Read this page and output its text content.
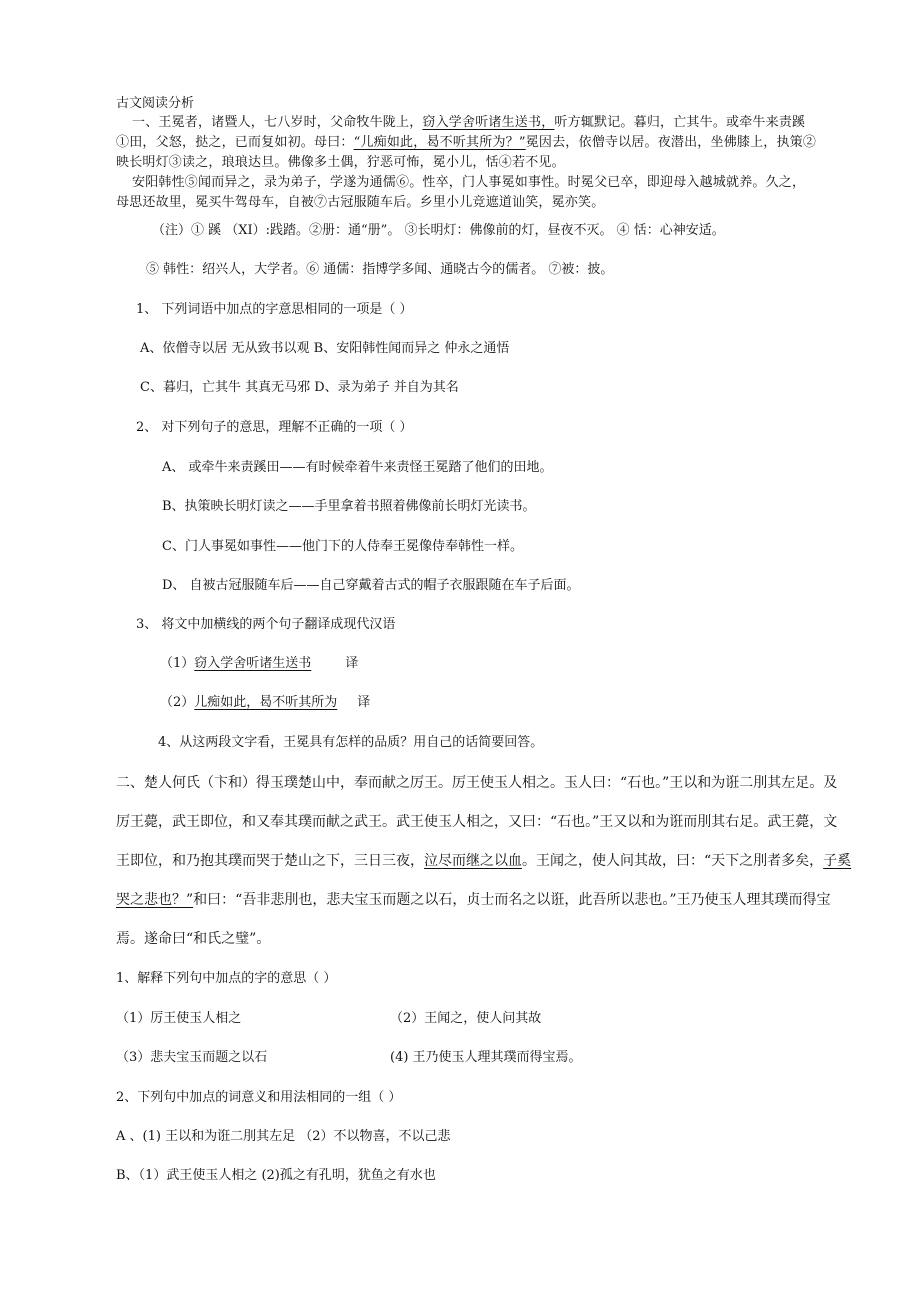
古文阅读分析
一、王冕者，诸暨人，七八岁时，父命牧牛陇上，窃入学舍听诸生送书，听方辄默记。暮归，亡其牛。或牵牛来责蹊
①田，父怒，挞之，已而复如初。母曰：“儿痴如此，曷不听其所为？”冕因去，依僧寺以居。夜潜出，坐佛膝上，执策②
映长明灯③读之，琅琅达旦。佛像多土偶，狞恶可怖，冕小儿，恬④若不见。
安阳韩性⑤闻而异之，录为弟子，学遂为通儒⑥。性卒，门人事冕如事性。时冕父已卒，即迎母入越城就养。久之，
母思还故里，冕买牛驾母车，自被⑦古冠服随车后。乡里小儿竞遮道讪笑，冕亦笑。
（注）① 蹊 （XI）:践踏。②册：通“册”。 ③长明灯：佛像前的灯，昼夜不灭。 ④ 恬：心神安适。
⑤ 韩性：绍兴人，大学者。⑥ 通儒：指博学多闻、通晓古今的儒者。 ⑦被：披。
1、 下列词语中加点的字意思相同的一项是（ ）
A、依僧寺以居 无从致书以观 B、安阳韩性闻而异之 仲永之通悟
C、暮归，亡其牛 其真无马邪 D、录为弟子 并自为其名
2、 对下列句子的意思，理解不正确的一项（ ）
A、 或牵牛来责蹊田——有时候牵着牛来责怪王冕踏了他们的田地。
B、执策映长明灯读之——手里拿着书照着佛像前长明灯光读书。
C、门人事冕如事性——他门下的人侍奉王冕像侍奉韩性一样。
D、 自被古冠服随车后——自己穿戴着古式的帽子衣服跟随在车子后面。
3、 将文中加横线的两个句子翻译成现代汉语
（1）窃入学舍听诸生送书	译
（2）儿痴如此，曷不听其所为 译
4、从这两段文字看，王冕具有怎样的品质？用自己的话简要回答。
二、楚人何氏（卞和）得玉璞楚山中，奉而献之厉王。厉王使玉人相之。玉人曰：“石也。”王以和为诳二刖其左足。及
厉王薨，武王即位，和又奉其璞而献之武王。武王使玉人相之，又曰：“石也。”王又以和为诳而刖其右足。武王薨，文
王即位，和乃抱其璞而哭于楚山之下，三日三夜，泣尽而继之以血。王闻之，使人问其故，曰：“天下之刖者多矣，子奚
哭之悲也？”和曰：“吾非悲刖也，悲夫宝玉而题之以石，贞士而名之以诳，此吾所以悲也。”王乃使玉人理其璞而得宝
焉。遂命曰“和氏之璧”。
1、解释下列句中加点的字的意思（ ）
（1）厉王使玉人相之	（2）王闻之，使人问其故
（3）悲夫宝玉而题之以石	(4) 王乃使玉人理其璞而得宝焉。
2、下列句中加点的词意义和用法相同的一组（ ）
A 、(1) 王以和为诳二刖其左足 （2）不以物喜，不以己悲
B、（1）武王使玉人相之 (2)孤之有孔明，犹鱼之有水也
